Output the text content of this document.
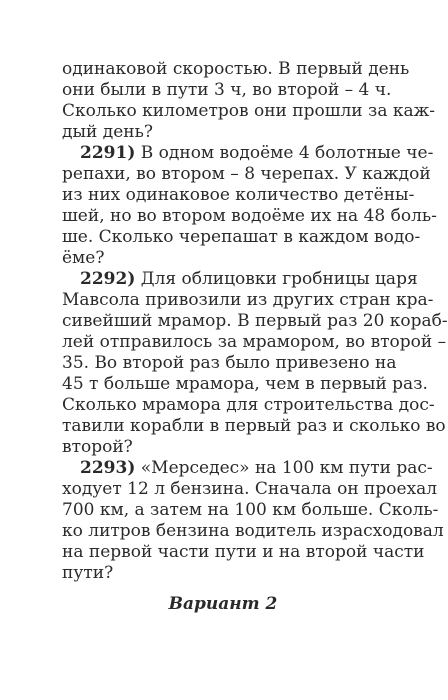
одинаковой скоростью. В первый день
они были в пути 3 ч, во второй – 4 ч.
Сколько километров они прошли за каж-
дый день?
2291) В одном водоёме 4 болотные че-
репахи, во втором – 8 черепах. У каждой
из них одинаковое количество детёны-
шей, но во втором водоёме их на 48 боль-
ше. Сколько черепашат в каждом водо-
ёме?
2292) Для облицовки гробницы царя
Мавсола привозили из других стран кра-
сивейший мрамор. В первый раз 20 кораб-
лей отправилось за мрамором, во второй –
35. Во второй раз было привезено на
45 т больше мрамора, чем в первый раз.
Сколько мрамора для строительства дос-
тавили корабли в первый раз и сколько во
второй?
2293) «Мерседес» на 100 км пути рас-
ходует 12 л бензина. Сначала он проехал
700 км, а затем на 100 км больше. Сколь-
ко литров бензина водитель израсходовал
на первой части пути и на второй части
пути?
Вариант 2
